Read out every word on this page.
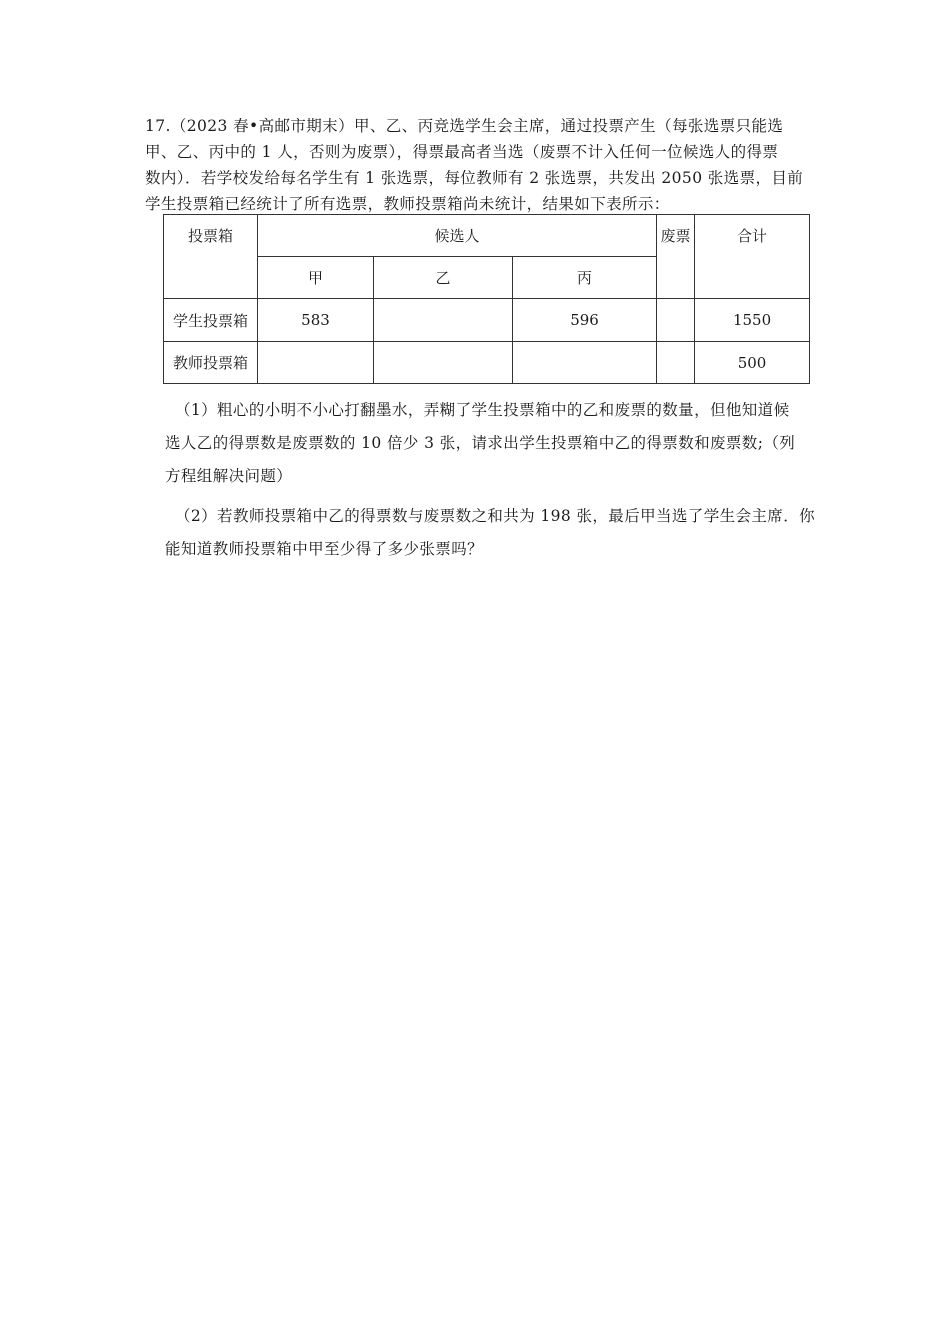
17.（2023 春•高邮市期末）甲、乙、丙竞选学生会主席，通过投票产生（每张选票只能选
甲、乙、丙中的 1 人，否则为废票），得票最高者当选（废票不计入任何一位候选人的得票
数内）．若学校发给每名学生有 1 张选票，每位教师有 2 张选票，共发出 2050 张选票，目前
学生投票箱已经统计了所有选票，教师投票箱尚未统计，结果如下表所示：
投票箱	候选人			废票	合计
	甲	乙	丙		
学生投票箱	583		596		1550
教师投票箱					500
（1）粗心的小明不小心打翻墨水，弄糊了学生投票箱中的乙和废票的数量，但他知道候
选人乙的得票数是废票数的 10 倍少 3 张，请求出学生投票箱中乙的得票数和废票数;（列
方程组解决问题）
（2）若教师投票箱中乙的得票数与废票数之和共为 198 张，最后甲当选了学生会主席．你
能知道教师投票箱中甲至少得了多少张票吗？
